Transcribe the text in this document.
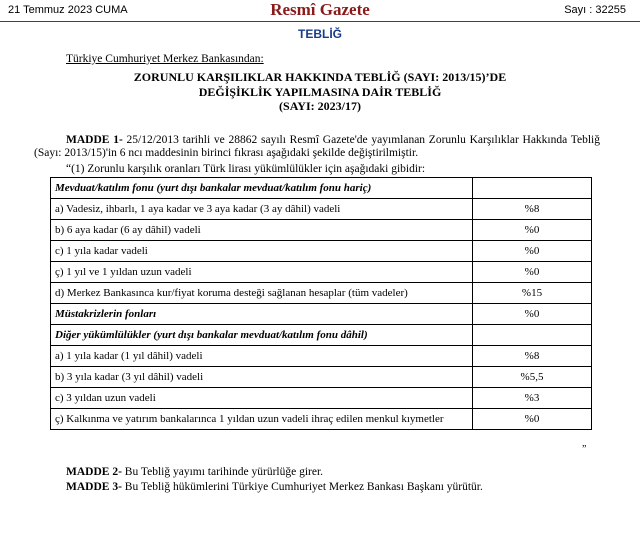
21 Temmuz 2023 CUMA	Resmî Gazete	Sayı : 32255
TEBLİĞ
Türkiye Cumhuriyet Merkez Bankasından:
ZORUNLU KARŞILIKLAR HAKKINDA TEBLİĞ (SAYI: 2013/15)’DE
DEĞİŞİKLİK YAPILMASINA DAİR TEBLİĞ
(SAYI: 2023/17)
MADDE 1- 25/12/2013 tarihli ve 28862 sayılı Resmî Gazete'de yayımlanan Zorunlu Karşılıklar Hakkında Tebliğ (Sayı: 2013/15)'in 6 ncı maddesinin birinci fıkrası aşağıdaki şekilde değiştirilmiştir.
“(1) Zorunlu karşılık oranları Türk lirası yükümlülükler için aşağıdaki gibidir:
Mevduat/katılım fonu (yurt dışı bankalar mevduat/katılım fonu hariç)	
a) Vadesiz, ihbarlı, 1 aya kadar ve 3 aya kadar (3 ay dâhil) vadeli	%8
b) 6 aya kadar (6 ay dâhil) vadeli	%0
c) 1 yıla kadar vadeli	%0
ç) 1 yıl ve 1 yıldan uzun vadeli	%0
d) Merkez Bankasınca kur/fiyat koruma desteği sağlanan hesaplar (tüm vadeler)	%15
Müstakrizlerin fonları	%0
Diğer yükümlülükler (yurt dışı bankalar mevduat/katılım fonu dâhil)	
a) 1 yıla kadar (1 yıl dâhil) vadeli	%8
b) 3 yıla kadar (3 yıl dâhil) vadeli	%5,5
c) 3 yıldan uzun vadeli	%3
ç) Kalkınma ve yatırım bankalarınca 1 yıldan uzun vadeli ihraç edilen menkul kıymetler	%0
”
MADDE 2- Bu Tebliğ yayımı tarihinde yürürlüğe girer.
MADDE 3- Bu Tebliğ hükümlerini Türkiye Cumhuriyet Merkez Bankası Başkanı yürütür.
